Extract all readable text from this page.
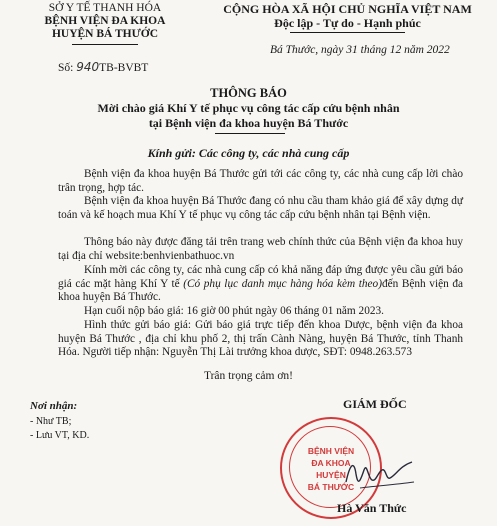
SỞ Y TẾ THANH HÓA
BỆNH VIỆN ĐA KHOA
HUYỆN BÁ THƯỚC
Số: 940TB-BVBT
CỘNG HÒA XÃ HỘI CHỦ NGHĨA VIỆT NAM
Độc lập - Tự do - Hạnh phúc
Bá Thước, ngày 31 tháng 12 năm 2022
THÔNG BÁO
Mời chào giá Khí Y tế phục vụ công tác cấp cứu bệnh nhân
tại Bệnh viện đa khoa huyện Bá Thước
Kính gửi: Các công ty, các nhà cung cấp
Bệnh viện đa khoa huyện Bá Thước gửi tới các công ty, các nhà cung cấp lời chào trân trọng, hợp tác.
Bệnh viện đa khoa huyện Bá Thước đang có nhu cầu tham khảo giá để xây dựng dự toán và kế hoạch mua Khí Y tế phục vụ công tác cấp cứu bệnh nhân tại Bệnh viện.
Thông báo này được đăng tải trên trang web chính thức của Bệnh viện đa khoa huy tại địa chỉ website:benhvienbathuoc.vn
Kính mời các công ty, các nhà cung cấp có khả năng đáp ứng được yêu cầu gửi báo giá các mặt hàng Khí Y tế (Có phụ lục danh mục hàng hóa kèm theo)đến Bệnh viện đa khoa huyện Bá Thước.
Hạn cuối nộp báo giá: 16 giờ 00 phút ngày 06 tháng 01 năm 2023.
Hình thức gửi báo giá: Gửi báo giá trực tiếp đến khoa Dược, bệnh viện đa khoa huyện Bá Thước , địa chỉ khu phố 2, thị trấn Cành Nàng, huyện Bá Thước, tỉnh Thanh Hóa. Người tiếp nhận: Nguyễn Thị Lài trưởng khoa dược, SĐT: 0948.263.573
Trân trọng cảm ơn!
Nơi nhận:
- Như TB;
- Lưu VT, KD.
GIÁM ĐỐC
BỆNH VIỆN
ĐA KHOA
HUYỆN
BÁ THƯỚC
Hà Văn Thức
